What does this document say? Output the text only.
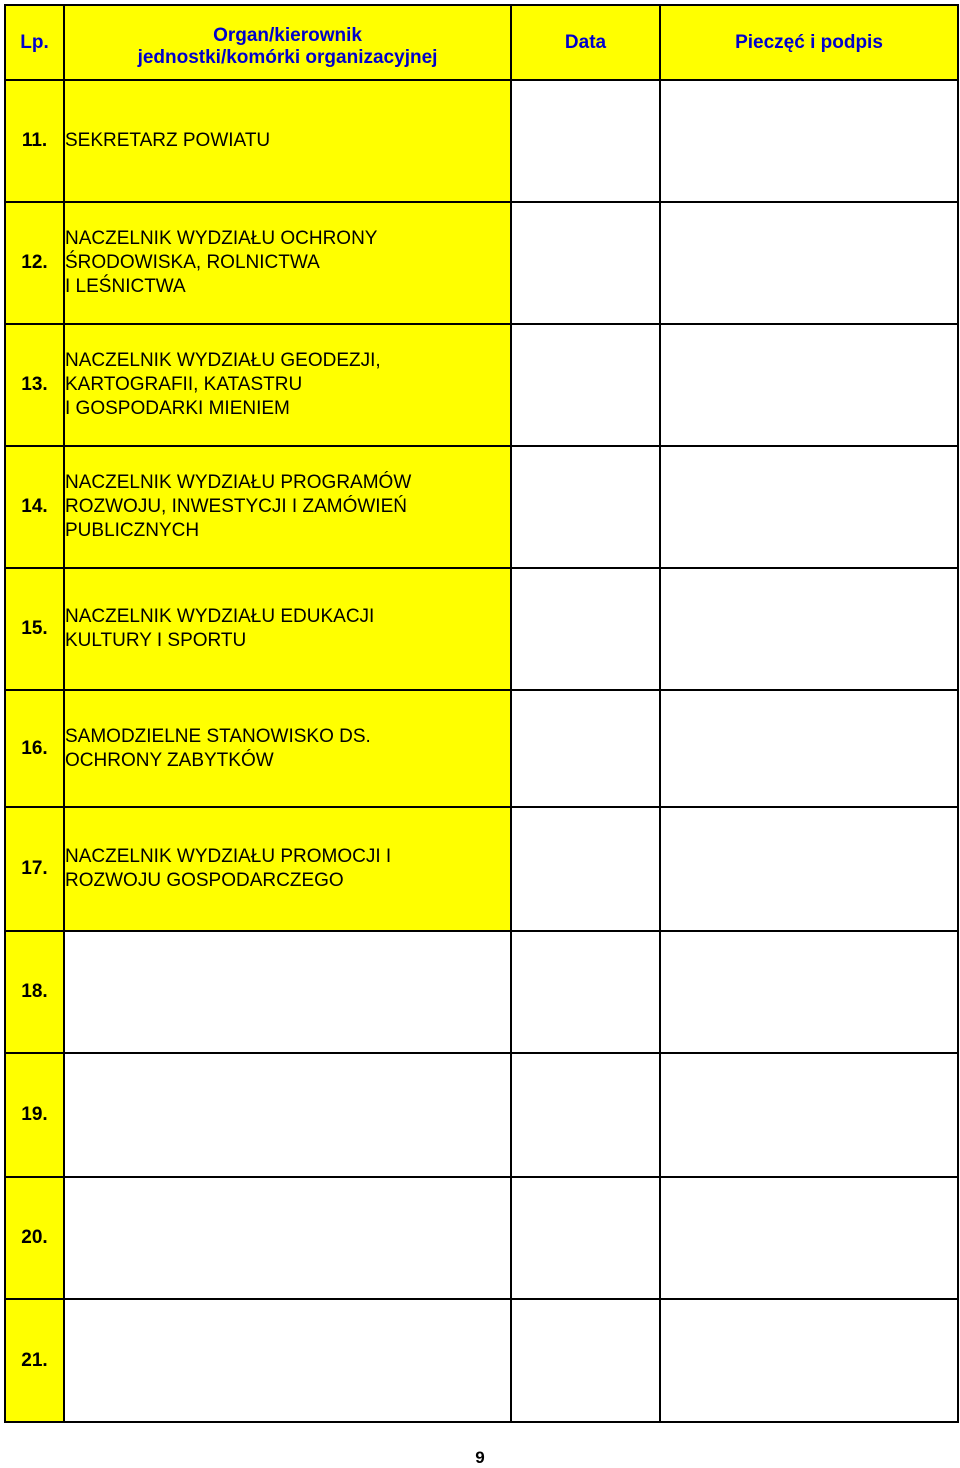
Lp.	Organ/kierownik
jednostki/komórki organizacyjnej	Data	Pieczęć i podpis
11.	SEKRETARZ POWIATU		

12.	NACZELNIK WYDZIAŁU OCHRONY
ŚRODOWISKA, ROLNICTWA
I LEŚNICTWA		

13.	NACZELNIK WYDZIAŁU GEODEZJI,
KARTOGRAFII, KATASTRU
I GOSPODARKI MIENIEM		

14.	NACZELNIK WYDZIAŁU PROGRAMÓW
ROZWOJU, INWESTYCJI I ZAMÓWIEŃ
PUBLICZNYCH		

15.	NACZELNIK WYDZIAŁU EDUKACJI
KULTURY I SPORTU		

16.	SAMODZIELNE STANOWISKO DS.
OCHRONY ZABYTKÓW		

17.	NACZELNIK WYDZIAŁU PROMOCJI I
ROZWOJU GOSPODARCZEGO		

18.			
19.			
20.			
21.			
9
